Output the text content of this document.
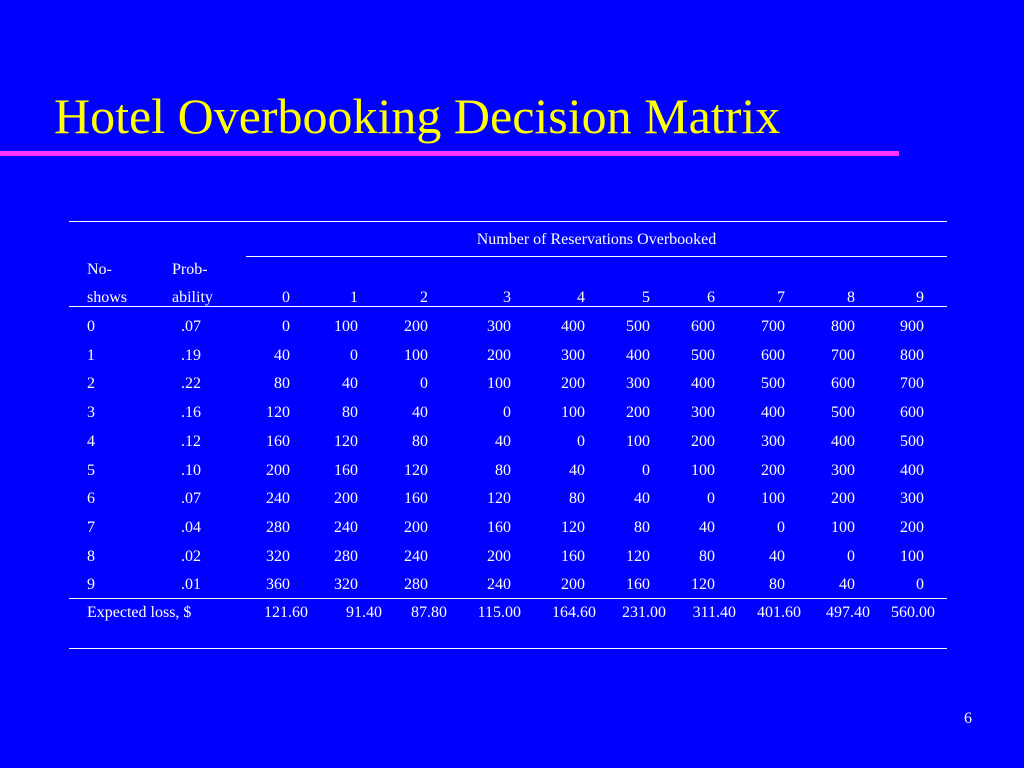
Hotel Overbooking Decision Matrix
Number of Reservations Overbooked
No-	Prob-
shows	ability	0	1	2	3	4	5	6	7	8	9
0	.07	0	100	200	300	400	500	600	700	800	900
1	.19	40	0	100	200	300	400	500	600	700	800
2	.22	80	40	0	100	200	300	400	500	600	700
3	.16	120	80	40	0	100	200	300	400	500	600
4	.12	160	120	80	40	0	100	200	300	400	500
5	.10	200	160	120	80	40	0	100	200	300	400
6	.07	240	200	160	120	80	40	0	100	200	300
7	.04	280	240	200	160	120	80	40	0	100	200
8	.02	320	280	240	200	160	120	80	40	0	100
9	.01	360	320	280	240	200	160	120	80	40	0
Expected loss, $	121.60	91.40	87.80	115.00	164.60	231.00	311.40	401.60	497.40	560.00
6
